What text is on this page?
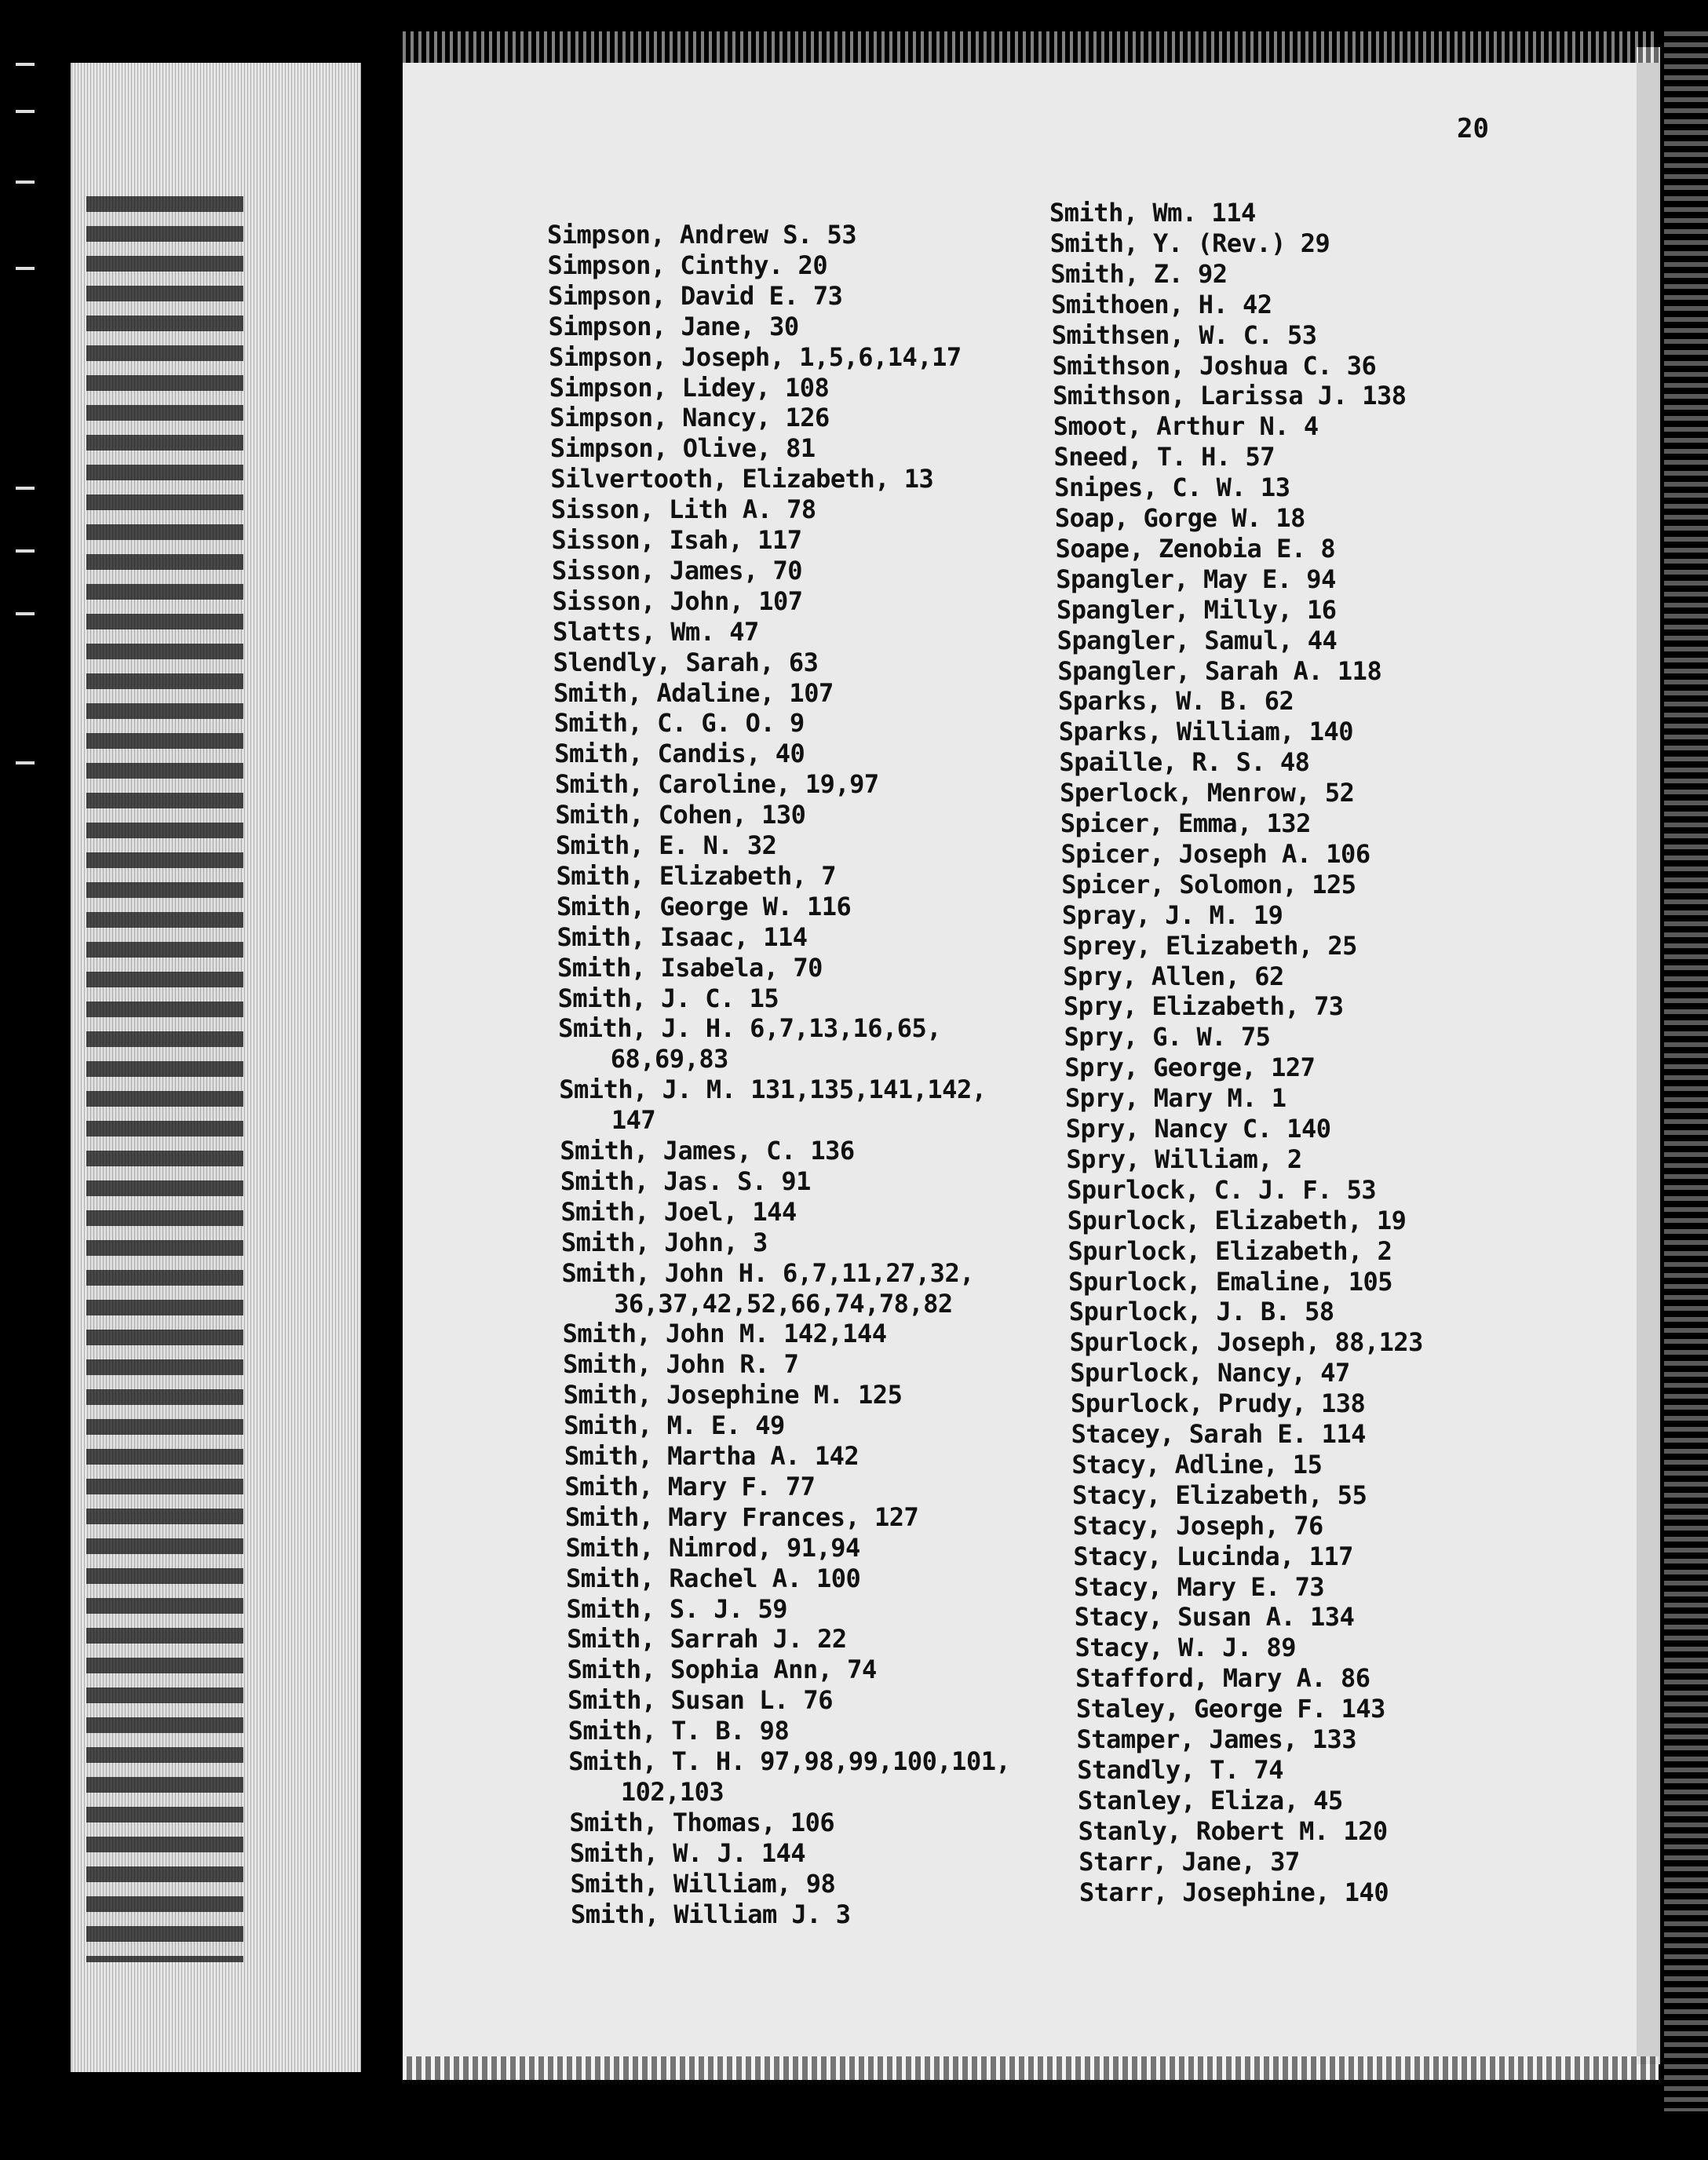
Simpson, Andrew S. 53
Simpson, Cinthy. 20
Simpson, David E. 73
Simpson, Jane, 30
Simpson, Joseph, 1,5,6,14,17
Simpson, Lidey, 108
Simpson, Nancy, 126
Simpson, Olive, 81
Silvertooth, Elizabeth, 13
Sisson, Lith A. 78
Sisson, Isah, 117
Sisson, James, 70
Sisson, John, 107
Slatts, Wm. 47
Slendly, Sarah, 63
Smith, Adaline, 107
Smith, C. G. O. 9
Smith, Candis, 40
Smith, Caroline, 19,97
Smith, Cohen, 130
Smith, E. N. 32
Smith, Elizabeth, 7
Smith, George W. 116
Smith, Isaac, 114
Smith, Isabela, 70
Smith, J. C. 15
Smith, J. H. 6,7,13,16,65,
68,69,83
Smith, J. M. 131,135,141,142,
147
Smith, James, C. 136
Smith, Jas. S. 91
Smith, Joel, 144
Smith, John, 3
Smith, John H. 6,7,11,27,32,
36,37,42,52,66,74,78,82
Smith, John M. 142,144
Smith, John R. 7
Smith, Josephine M. 125
Smith, M. E. 49
Smith, Martha A. 142
Smith, Mary F. 77
Smith, Mary Frances, 127
Smith, Nimrod, 91,94
Smith, Rachel A. 100
Smith, S. J. 59
Smith, Sarrah J. 22
Smith, Sophia Ann, 74
Smith, Susan L. 76
Smith, T. B. 98
Smith, T. H. 97,98,99,100,101,
102,103
Smith, Thomas, 106
Smith, W. J. 144
Smith, William, 98
Smith, William J. 3
Smith, Wm. 114
Smith, Y. (Rev.) 29
Smith, Z. 92
Smithoen, H. 42
Smithsen, W. C. 53
Smithson, Joshua C. 36
Smithson, Larissa J. 138
Smoot, Arthur N. 4
Sneed, T. H. 57
Snipes, C. W. 13
Soap, Gorge W. 18
Soape, Zenobia E. 8
Spangler, May E. 94
Spangler, Milly, 16
Spangler, Samul, 44
Spangler, Sarah A. 118
Sparks, W. B. 62
Sparks, William, 140
Spaille, R. S. 48
Sperlock, Menrow, 52
Spicer, Emma, 132
Spicer, Joseph A. 106
Spicer, Solomon, 125
Spray, J. M. 19
Sprey, Elizabeth, 25
Spry, Allen, 62
Spry, Elizabeth, 73
Spry, G. W. 75
Spry, George, 127
Spry, Mary M. 1
Spry, Nancy C. 140
Spry, William, 2
Spurlock, C. J. F. 53
Spurlock, Elizabeth, 19
Spurlock, Elizabeth, 2
Spurlock, Emaline, 105
Spurlock, J. B. 58
Spurlock, Joseph, 88,123
Spurlock, Nancy, 47
Spurlock, Prudy, 138
Stacey, Sarah E. 114
Stacy, Adline, 15
Stacy, Elizabeth, 55
Stacy, Joseph, 76
Stacy, Lucinda, 117
Stacy, Mary E. 73
Stacy, Susan A. 134
Stacy, W. J. 89
Stafford, Mary A. 86
Staley, George F. 143
Stamper, James, 133
Standly, T. 74
Stanley, Eliza, 45
Stanly, Robert M. 120
Starr, Jane, 37
Starr, Josephine, 140
20
